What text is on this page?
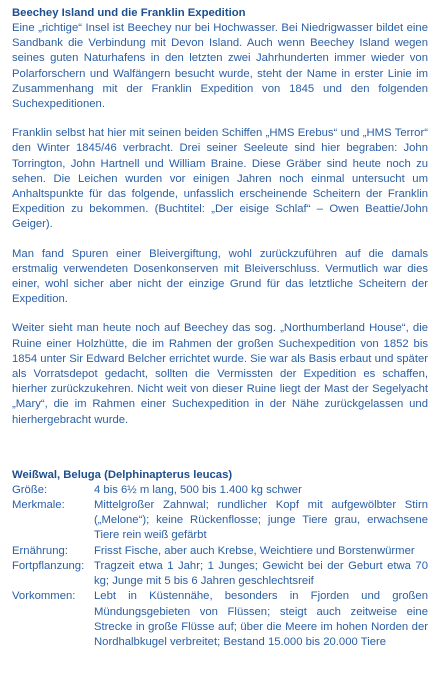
Beechey Island und die Franklin Expedition

Eine „richtige“ Insel ist Beechey nur bei Hochwasser. Bei Niedrigwasser bildet eine Sandbank die Verbindung mit Devon Island. Auch wenn Beechey Island wegen seines guten Naturhafens in den letzten zwei Jahrhunderten immer wieder von Polarforschern und Walfängern besucht wurde, steht der Name in erster Linie im Zusammenhang mit der Franklin Expedition von 1845 und den folgenden Suchexpeditionen.

Franklin selbst hat hier mit seinen beiden Schiffen „HMS Erebus“ und „HMS Terror“ den Winter 1845/46 verbracht. Drei seiner Seeleute sind hier begraben: John Torrington, John Hartnell und William Braine. Diese Gräber sind heute noch zu sehen. Die Leichen wurden vor einigen Jahren noch einmal untersucht um Anhaltspunkte für das folgende, unfasslich erscheinende Scheitern der Franklin Expedition zu bekommen. (Buchtitel: „Der eisige Schlaf“ – Owen Beattie/John Geiger).

Man fand Spuren einer Bleivergiftung, wohl zurückzuführen auf die damals erstmalig verwendeten Dosenkonserven mit Bleiverschluss. Vermutlich war dies einer, wohl sicher aber nicht der einzige Grund für das letztliche Scheitern der Expedition.

Weiter sieht man heute noch auf Beechey das sog. „Northumberland House“, die Ruine einer Holzhütte, die im Rahmen der großen Suchexpedition von 1852 bis 1854 unter Sir Edward Belcher errichtet wurde. Sie war als Basis erbaut und später als Vorratsdepot gedacht, sollten die Vermissten der Expedition es schaffen, hierher zurückzukehren. Nicht weit von dieser Ruine liegt der Mast der Segelyacht „Mary“, die im Rahmen einer Suchexpedition in der Nähe zurückgelassen und hierhergebracht wurde.

Weißwal, Beluga (Delphinapterus leucas)
Größe:	4 bis 6½ m lang, 500 bis 1.400 kg schwer
Merkmale:	Mittelgroßer Zahnwal; rundlicher Kopf mit aufgewölbter Stirn („Melone“); keine Rückenflosse; junge Tiere grau, erwachsene Tiere rein weiß gefärbt
Ernährung:	Frisst Fische, aber auch Krebse, Weichtiere und Borstenwürmer
Fortpflanzung: Tragzeit etwa 1 Jahr; 1 Junges; Gewicht bei der Geburt etwa 70 kg; Junge mit 5 bis 6 Jahren geschlechtsreif
Vorkommen:	Lebt in Küstennähe, besonders in Fjorden und großen Mündungsgebieten von Flüssen; steigt auch zeitweise eine Strecke in große Flüsse auf; über die Meere im hohen Norden der Nordhalbkugel verbreitet; Bestand 15.000 bis 20.000 Tiere
